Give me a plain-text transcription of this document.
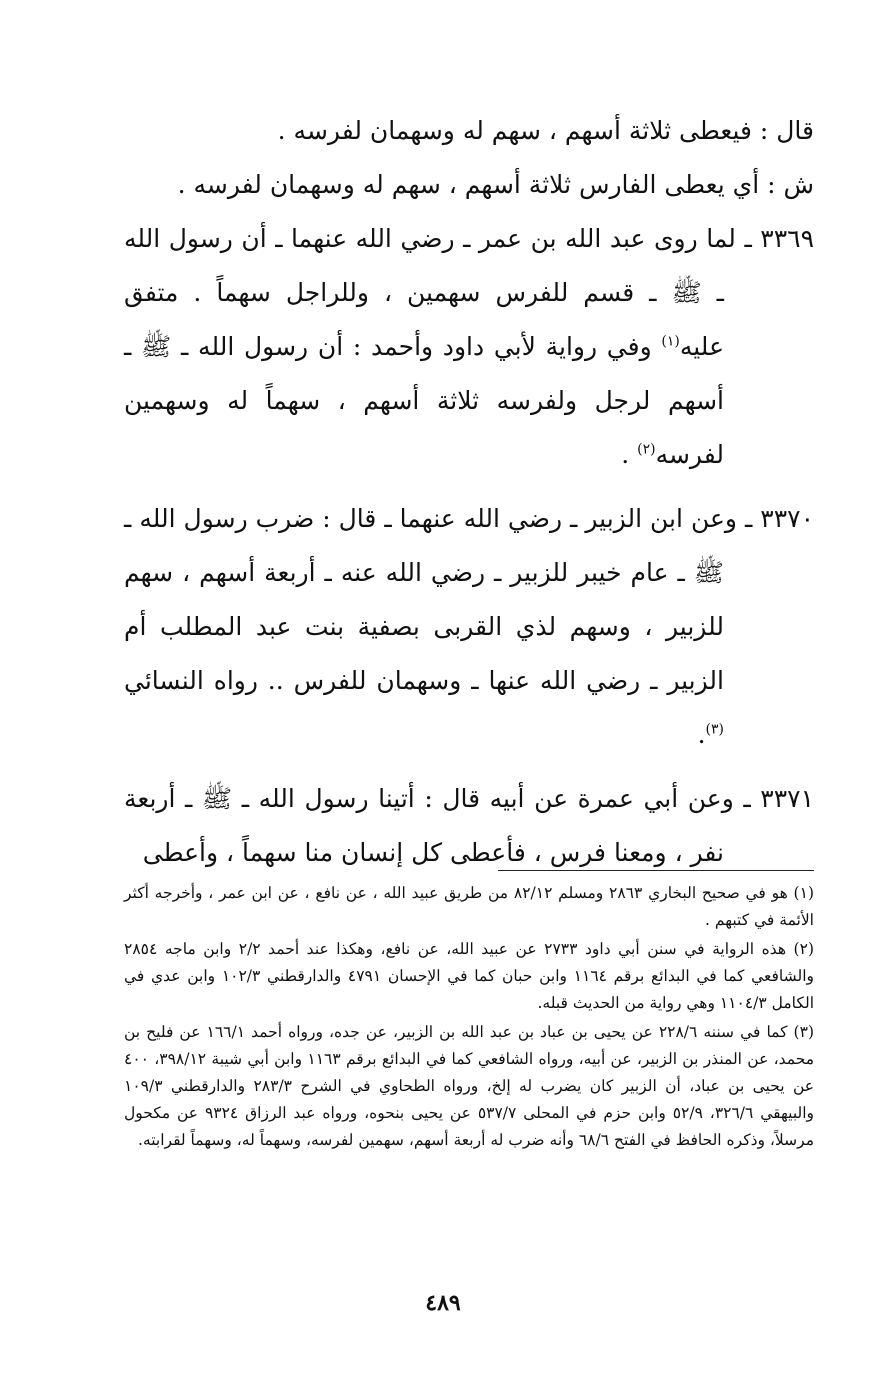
قال : فيعطى ثلاثة أسهم ، سهم له وسهمان لفرسه .

ش : أي يعطى الفارس ثلاثة أسهم ، سهم له وسهمان لفرسه .

٣٣٦٩ ـ لما روى عبد الله بن عمر ـ رضي الله عنهما ـ أن رسول الله ـ ﷺ ـ قسم للفرس سهمين ، وللراجل سهماً . متفق عليه$^{(١)}$ وفي رواية لأبي داود وأحمد : أن رسول الله ـ ﷺ ـ أسهم لرجل ولفرسه ثلاثة أسهم ، سهماً له وسهمين لفرسه$^{(٢)}$ .

٣٣٧٠ ـ وعن ابن الزبير ـ رضي الله عنهما ـ قال : ضرب رسول الله ـ ﷺ ـ عام خيبر للزبير ـ رضي الله عنه ـ أربعة أسهم ، سهم للزبير ، وسهم لذي القربى بصفية بنت عبد المطلب أم الزبير ـ رضي الله عنها ـ وسهمان للفرس .. رواه النسائي $^{(٣)}$.

٣٣٧١ ـ وعن أبي عمرة عن أبيه قال : أتينا رسول الله ـ ﷺ ـ أربعة نفر ، ومعنا فرس ، فأعطى كل إنسان منا سهماً ، وأعطى

(١) هو في صحيح البخاري ٢٨٦٣ ومسلم ٨٢/١٢ من طريق عبيد الله ، عن نافع ، عن ابن عمر ، وأخرجه أكثر الأئمة في كتبهم .

(٢) هذه الرواية في سنن أبي داود ٢٧٣٣ عن عبيد الله، عن نافع، وهكذا عند أحمد ٢/٢ وابن ماجه ٢٨٥٤ والشافعي كما في البدائع برقم ١١٦٤ وابن حبان كما في الإحسان ٤٧٩١ والدارقطني ١٠٢/٣ وابن عدي في الكامل ١١٠٤/٣ وهي رواية من الحديث قبله.

(٣) كما في سننه ٢٢٨/٦ عن يحيى بن عباد بن عبد الله بن الزبير، عن جده، ورواه أحمد ١٦٦/١ عن فليح بن محمد، عن المنذر بن الزبير، عن أبيه، ورواه الشافعي كما في البدائع برقم ١١٦٣ وابن أبي شيبة ٣٩٨/١٢، ٤٠٠ عن يحيى بن عباد، أن الزبير كان يضرب له إلخ، ورواه الطحاوي في الشرح ٢٨٣/٣ والدارقطني ١٠٩/٣ والبيهقي ٣٢٦/٦، ٥٢/٩ وابن حزم في المحلى ٥٣٧/٧ عن يحيى بنحوه، ورواه عبد الرزاق ٩٣٢٤ عن مكحول مرسلاً، وذكره الحافظ في الفتح ٦٨/٦ وأنه ضرب له أربعة أسهم، سهمين لفرسه، وسهماً له، وسهماً لقرابته.

٤٨٩
